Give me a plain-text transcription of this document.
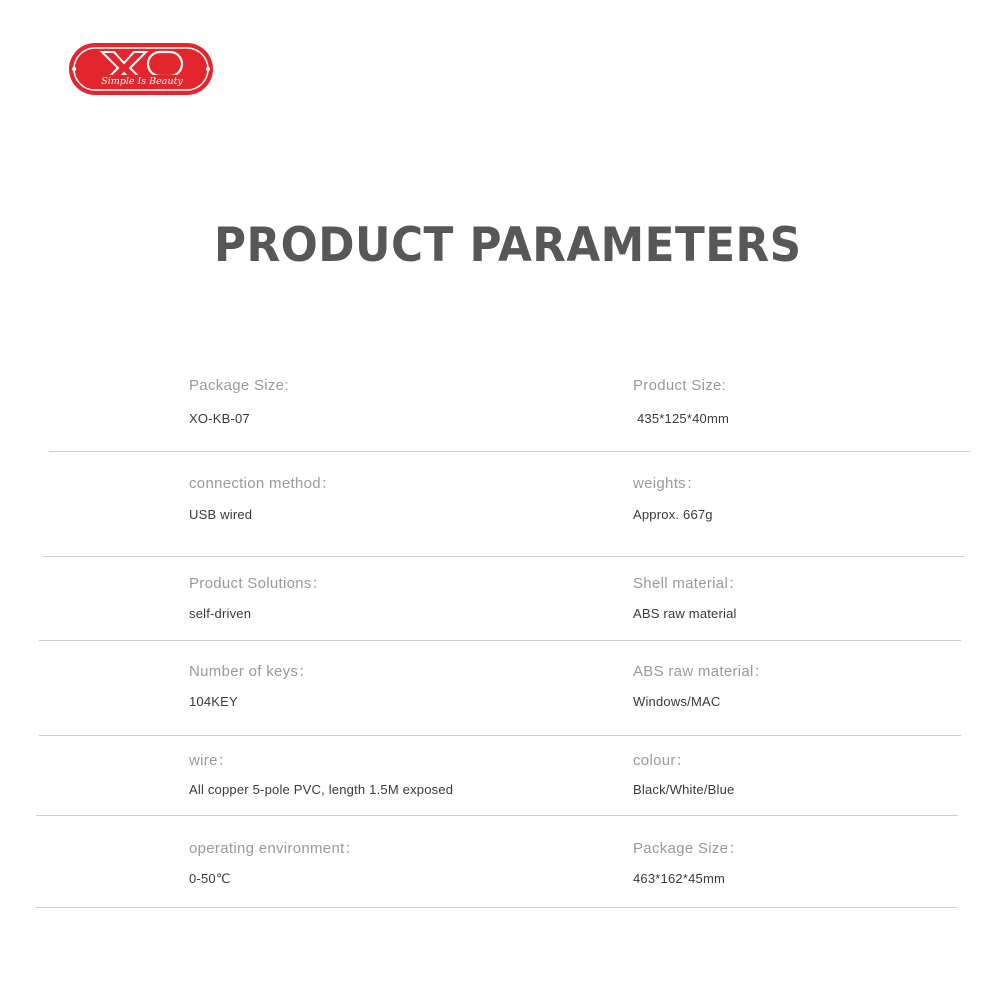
Simple Is Beauty
PRODUCT PARAMETERS
Package Size:
XO-KB-07
Product Size:
435*125*40mm
connection method：
USB wired
weights：
Approx. 667g
Product Solutions：
self-driven
Shell material：
ABS raw material
Number of keys：
104KEY
ABS raw material：
Windows/MAC
wire：
All copper 5-pole PVC, length 1.5M exposed
colour：
Black/White/Blue
operating environment：
0-50℃
Package Size：
463*162*45mm
